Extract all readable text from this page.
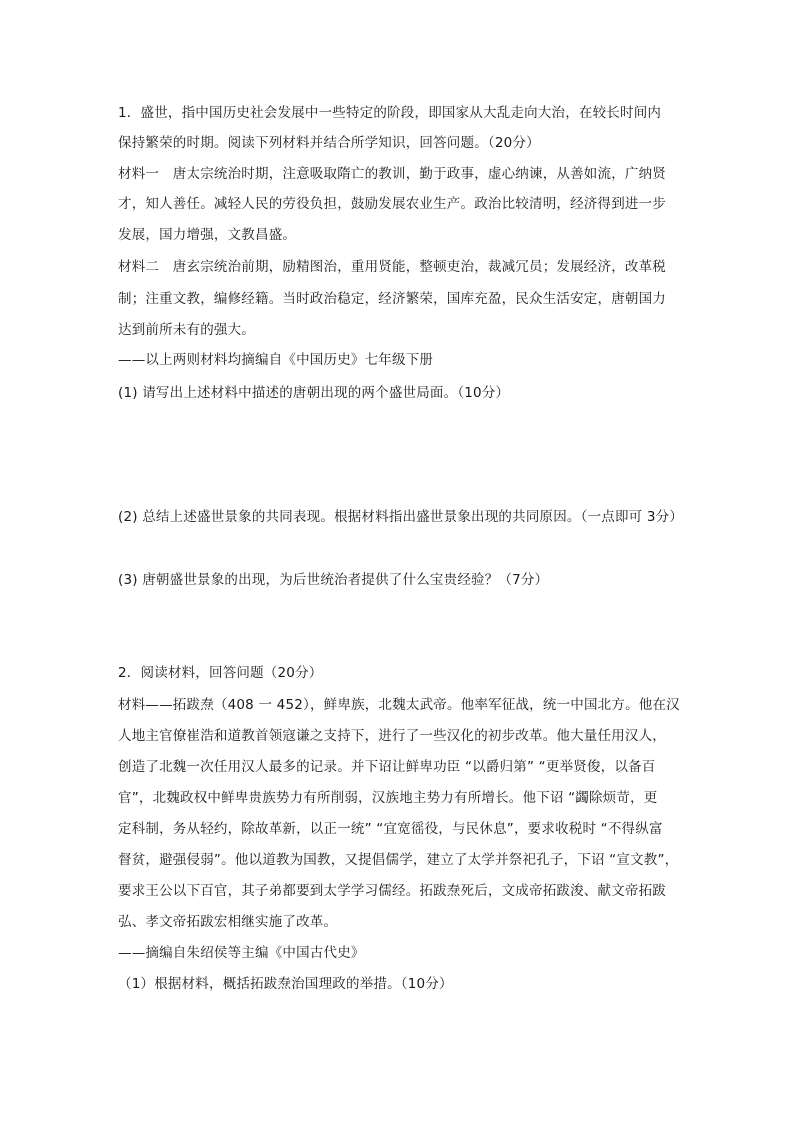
1．盛世，指中国历史社会发展中一些特定的阶段，即国家从大乱走向大治，在较长时间内
保持繁荣的时期。阅读下列材料并结合所学知识，回答问题。（20分）
材料一　唐太宗统治时期，注意吸取隋亡的教训，勤于政事，虚心纳谏，从善如流，广纳贤
才，知人善任。减轻人民的劳役负担，鼓励发展农业生产。政治比较清明，经济得到进一步
发展，国力增强，文教昌盛。
材料二　唐玄宗统治前期，励精图治，重用贤能，整顿吏治，裁减冗员；发展经济，改革税
制；注重文教，编修经籍。当时政治稳定，经济繁荣，国库充盈，民众生活安定，唐朝国力
达到前所未有的强大。
——以上两则材料均摘编自《中国历史》七年级下册
(1) 请写出上述材料中描述的唐朝出现的两个盛世局面。（10分）
(2) 总结上述盛世景象的共同表现。根据材料指出盛世景象出现的共同原因。（一点即可 3分）
(3) 唐朝盛世景象的出现，为后世统治者提供了什么宝贵经验？（7分）
2．阅读材料，回答问题（20分）
材料——拓跋焘（408 一 452），鲜卑族，北魏太武帝。他率军征战，统一中国北方。他在汉
人地主官僚崔浩和道教首领寇谦之支持下，进行了一些汉化的初步改革。他大量任用汉人，
创造了北魏一次任用汉人最多的记录。并下诏让鲜卑功臣 “以爵归第” “更举贤俊，以备百
官”，北魏政权中鲜卑贵族势力有所削弱，汉族地主势力有所增长。他下诏 “蠲除烦苛，更
定科制，务从轻约，除故革新，以正一统” “宜宽徭役，与民休息”，要求收税时 “不得纵富
督贫，避强侵弱”。他以道教为国教，又提倡儒学，建立了太学并祭祀孔子，下诏 “宣文教”，
要求王公以下百官，其子弟都要到太学学习儒经。拓跋焘死后，文成帝拓跋浚、献文帝拓跋
弘、孝文帝拓跋宏相继实施了改革。
——摘编自朱绍侯等主编《中国古代史》
（1）根据材料，概括拓跋焘治国理政的举措。（10分）
